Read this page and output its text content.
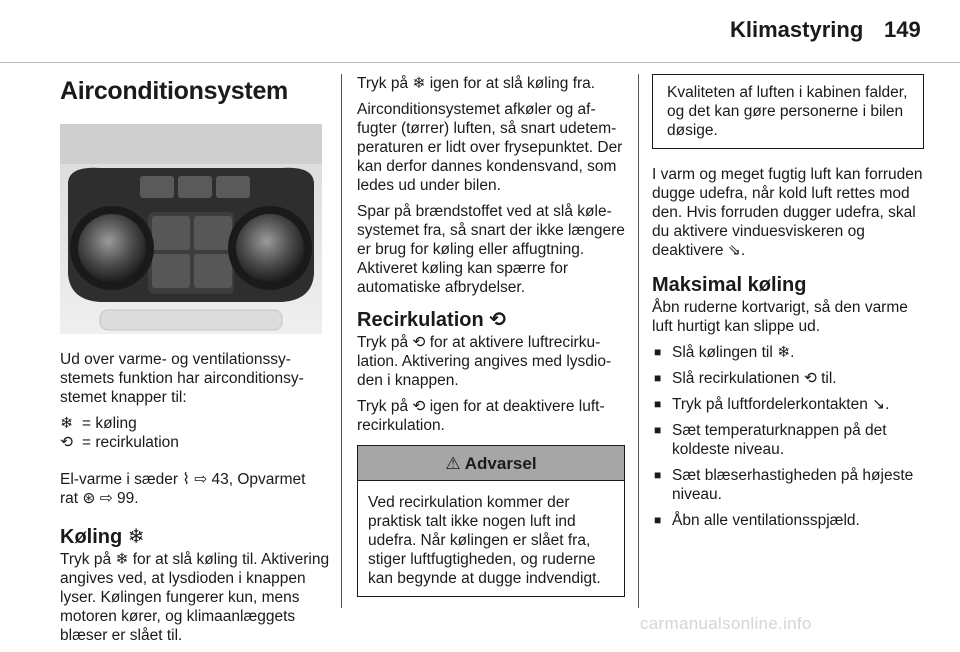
Klimastyring 149
Airconditionsystem

Ud over varme- og ventilationssystemets funktion har airconditionsystemet knapper til:

❄ = køling
⟲ = recirkulation

El-varme i sæder ⌇ ⇨ 43, Opvarmet
rat ⊛ ⇨ 99.

Køling ❄

Tryk på ❄ for at slå køling til. Aktivering angives ved, at lysdioden i knappen lyser. Kølingen fungerer kun, mens motoren kører, og klimaanlæggets blæser er slået til.

Tryk på ❄ igen for at slå køling fra.

Airconditionsystemet afkøler og affugter (tørrer) luften, så snart udetemperaturen er lidt over frysepunktet. Der kan derfor dannes kondensvand, som ledes ud under bilen.

Spar på brændstoffet ved at slå kølesystemet fra, så snart der ikke længere er brug for køling eller affugtning. Aktiveret køling kan spærre for automatiske afbrydelser.

Recirkulation ⟲

Tryk på ⟲ for at aktivere luftrecirkulation. Aktivering angives med lysdioden i knappen.

Tryk på ⟲ igen for at deaktivere luftrecirkulation.

⚠ Advarsel
Ved recirkulation kommer der praktisk talt ikke nogen luft ind udefra. Når kølingen er slået fra, stiger luftfugtigheden, og ruderne kan begynde at dugge indvendigt.
Kvaliteten af luften i kabinen falder, og det kan gøre personerne i bilen døsige.

I varm og meget fugtig luft kan forruden dugge udefra, når kold luft rettes mod den. Hvis forruden dugger udefra, skal du aktivere vinduesviskeren og deaktivere ⇘.

Maksimal køling

Åbn ruderne kortvarigt, så den varme luft hurtigt kan slippe ud.

■ Slå kølingen til ❄.
■ Slå recirkulationen ⟲ til.
■ Tryk på luftfordelerkontakten ↘.
■ Sæt temperaturknappen på det koldeste niveau.
■ Sæt blæserhastigheden på højeste niveau.
■ Åbn alle ventilationsspjæld.
carmanualsonline.info
